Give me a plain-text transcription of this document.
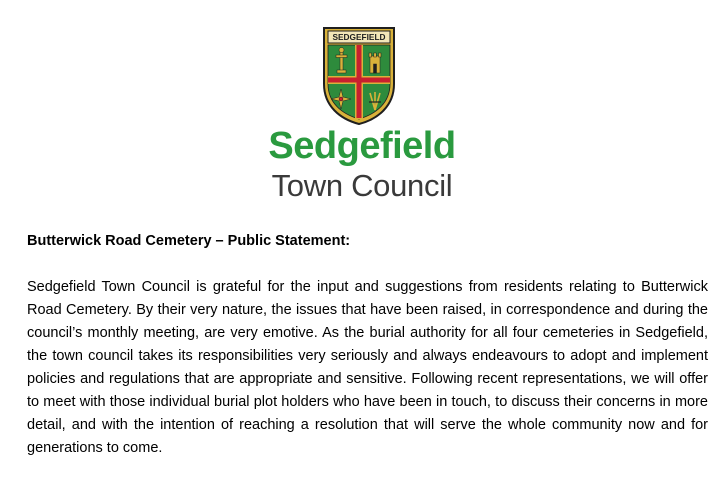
SEDGEFIELD

Sedgefield

Town Council

Butterwick Road Cemetery – Public Statement:

Sedgefield Town Council is grateful for the input and suggestions from residents relating to Butterwick Road Cemetery. By their very nature, the issues that have been raised, in correspondence and during the council’s monthly meeting, are very emotive. As the burial authority for all four cemeteries in Sedgefield, the town council takes its responsibilities very seriously and always endeavours to adopt and implement policies and regulations that are appropriate and sensitive. Following recent representations, we will offer to meet with those individual burial plot holders who have been in touch, to discuss their concerns in more detail, and with the intention of reaching a resolution that will serve the whole community now and for generations to come.
